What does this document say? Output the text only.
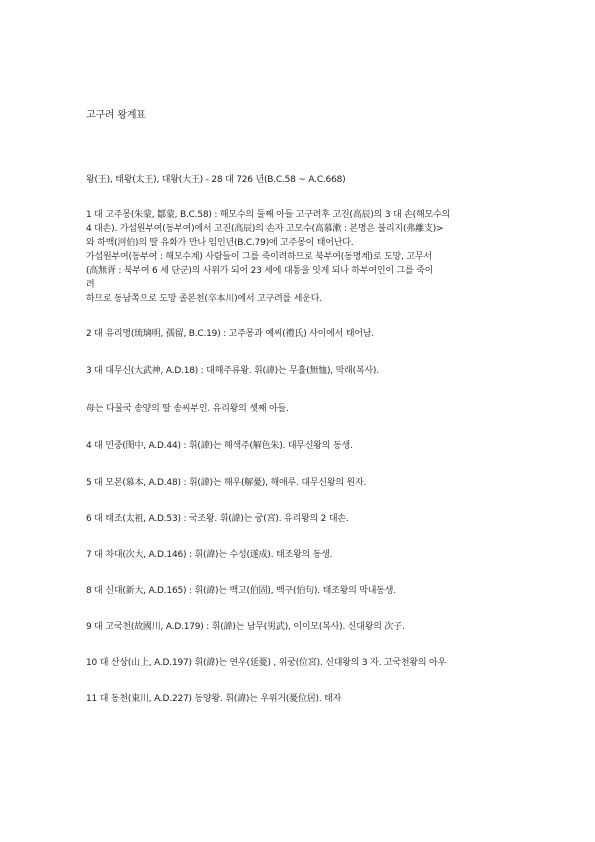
고구려 왕계표
왕(王), 태왕(太王), 대왕(大王) - 28 대 726 년(B.C.58 ~ A.C.668)
1 대 고주몽(朱蒙, 鄒蒙, B.C.58) : 해모수의 둘째 아들 고구려후 고진(高辰)의 3 대 손(해모수의
4 대손). 가섭원부여(동부여)에서 고진(高辰)의 손자 고모수(高慕漱 : 본명은 불리지(弗離支)>
와 하백(河伯)의 딸 유화가 만나 임인년(B.C.79)에 고주몽이 태어난다.
가섭원부여(동부여 : 해모수계) 사람들이 그를 죽이려하므로 북부여(동명계)로 도망, 고무서
(高無胥 : 북부여 6 세 단군)의 사위가 되어 23 세에 대통을 잇게 되나 하부여인이 그를 죽이
려
하므로 동남쪽으로 도망 졸본천(卒本川)에서 고구려를 세운다.
2 대 유리명(琉璃明, 孺留, B.C.19) : 고주몽과 예씨(禮氏) 사이에서 태어남.
3 대 대무신(大武神, A.D.18) : 대해주류왕. 휘(諱)는 무휼(無恤), 막래(복사).
母는 다물국 송양의 딸 송씨부인. 유리왕의 셋째 아들.
4 대 민중(閔中, A.D.44) : 휘(諱)는 해색주(解色朱). 대무신왕의 동생.
5 대 모본(慕本, A.D.48) : 휘(諱)는 해우(解憂), 해애루. 대무신왕의 원자.
6 대 태조(太祖, A.D.53) : 국조왕. 휘(諱)는 궁(宮). 유리왕의 2 대손.
7 대 차대(次大, A.D.146) : 휘(諱)는 수성(遂成). 태조왕의 동생.
8 대 신대(新大, A.D.165) : 휘(諱)는 백고(伯固), 백구(伯句). 태조왕의 막내동생.
9 대 고국천(故國川, A.D.179) : 휘(諱)는 남무(男武), 이이모(복사). 신대왕의 次子.
10 대 산상(山上, A.D.197) 휘(諱)는 연우(延憂) , 위궁(位宮). 신대왕의 3 자. 고국천왕의 아우
11 대 동천(東川, A.D.227) 동양왕. 휘(諱)는 우위거(憂位居). 태자
